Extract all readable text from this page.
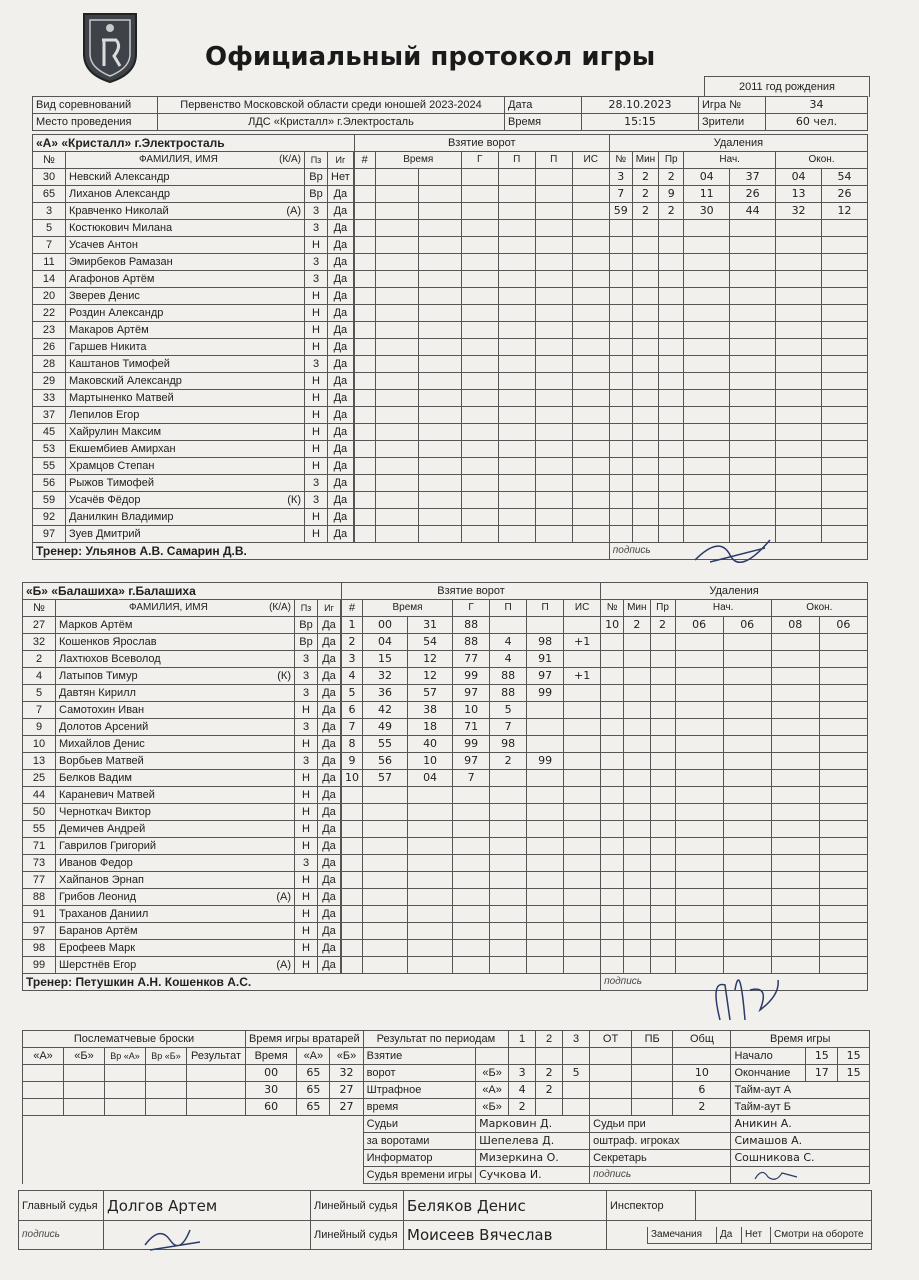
Официальный протокол игры
2011 год рождения
Вид соревнований	Первенство Московской области среди юношей 2023-2024	Дата	28.10.2023	Игра №	34
Место проведения	ЛДС «Кристалл» г.Электросталь	Время	15:15	Зрители	60 чел.
«А» «Кристалл» г.Электросталь				Взятие ворот							Удаления						
№	ФАМИЛИЯ, ИМЯ (К/А)	Пз	Иг		#	Время		Г	П	П	ИС	№	Мин	Пр	Нач.		Окон.	
30	Невский Александр	Вр	Нет									3	2	2	04	37	04	54
65	Лиханов Александр	Вр	Да									7	2	9	11	26	13	26
3	Кравченко Николай (А)	3	Да									59	2	2	30	44	32	12
5	Костюкович Милана	3	Да															
7	Усачев Антон	Н	Да															
11	Эмирбеков Рамазан	3	Да															
14	Агафонов Артём	3	Да															
20	Зверев Денис	Н	Да															
22	Роздин Александр	Н	Да															
23	Макаров Артём	Н	Да															
26	Гаршев Никита	Н	Да															
28	Каштанов Тимофей	3	Да															
29	Маковский Александр	Н	Да															
33	Мартыненко Матвей	Н	Да															
37	Лепилов Егор	Н	Да															
45	Хайрулин Максим	Н	Да															
53	Екшембиев Амирхан	Н	Да															
55	Храмцов Степан	Н	Да															
56	Рыжов Тимофей	3	Да															
59	Усачёв Фёдор (К)	3	Да															
92	Данилкин Владимир	Н	Да															
97	Зуев Дмитрий	Н	Да															
Тренер: Ульянов А.В. Самарин Д.В.											подпись						
«Б» «Балашиха» г.Балашиха				Взятие ворот							Удаления						
№	ФАМИЛИЯ, ИМЯ (К/А)	Пз	Иг		#	Время		Г	П	П	ИС	№	Мин	Пр	Нач.		Окон.	
27	Марков Артём	Вр	Да		1	00	31	88				10	2	2	06	06	08	06
32	Кошенков Ярослав	Вр	Да		2	04	54	88	4	98	+1							
2	Лахтюхов Всеволод	3	Да		3	15	12	77	4	91								
4	Латыпов Тимур (К)	3	Да		4	32	12	99	88	97	+1							
5	Давтян Кирилл	3	Да		5	36	57	97	88	99								
7	Самотохин Иван	Н	Да		6	42	38	10	5									
9	Долотов Арсений	3	Да		7	49	18	71	7									
10	Михайлов Денис	Н	Да		8	55	40	99	98									
13	Ворбьев Матвей	3	Да		9	56	10	97	2	99								
25	Белков Вадим	Н	Да		10	57	04	7										
44	Караневич Матвей	Н	Да															
50	Черноткач Виктор	Н	Да															
55	Демичев Андрей	Н	Да															
71	Гаврилов Григорий	Н	Да															
73	Иванов Федор	3	Да															
77	Хайпанов Эрнап	Н	Да															
88	Грибов Леонид (А)	Н	Да															
91	Траханов Даниил	Н	Да															
97	Баранов Артём	Н	Да															
98	Ерофеев Марк	Н	Да															
99	Шерстнёв Егор (А)	Н	Да															
Тренер: Петушкин А.Н. Кошенков А.С.											подпись						
Послематчевые броски					Время игры вратарей			Результат по периодам		1	2	3	ОТ	ПБ	Общ	Время игры		
«А»	«Б»	Вр «А»	Вр «Б»	Результат	Время	«А»	«Б»	Взятие								Начало	15	15
					00	65	32	ворот	«Б»	3	2	5			10	Окончание	17	15
					30	65	27	Штрафное	«А»	4	2				6	Тайм-аут А		
					60	65	27	время	«Б»	2					2	Тайм-аут Б		
								Судьи	Марковин Д.				Судьи при			Аникин А.		
								за воротами	Шепелева Д.				оштраф. игроках			Симашов А.		
								Информатор	Мизеркина О.				Секретарь			Сошникова С.		
								Судья времени игры	Сучкова И.				подпись					
Главный судья	Долгов Артем	Линейный судья	Беляков Денис	Инспектор	
подпись		Линейный судья	Моисеев Вячеслав		Замечания	Да	Нет	Смотри на обороте
